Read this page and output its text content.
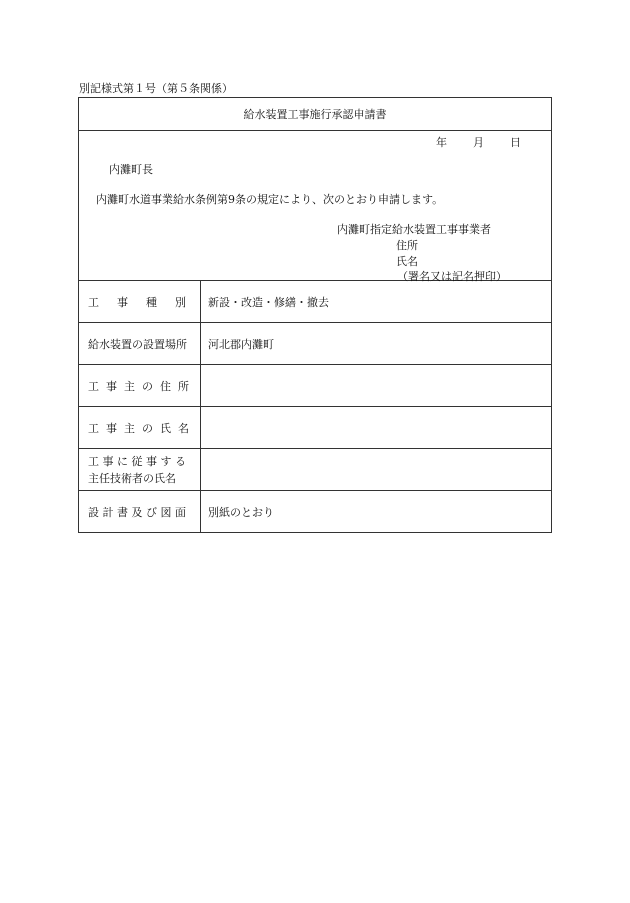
別記様式第１号（第５条関係）
給水装置工事施行承認申請書
年 月 日
内灘町長
内灘町水道事業給水条例第9条の規定により、次のとおり申請します。
内灘町指定給水装置工事事業者
住所
氏名
（署名又は記名押印）
工事種別 新設・改造・修繕・撤去
給水装置の設置場所	河北郡内灘町
工事主の住所
工事主の氏名
工事に従事する
主任技術者の氏名
設計書及び図面	別紙のとおり
